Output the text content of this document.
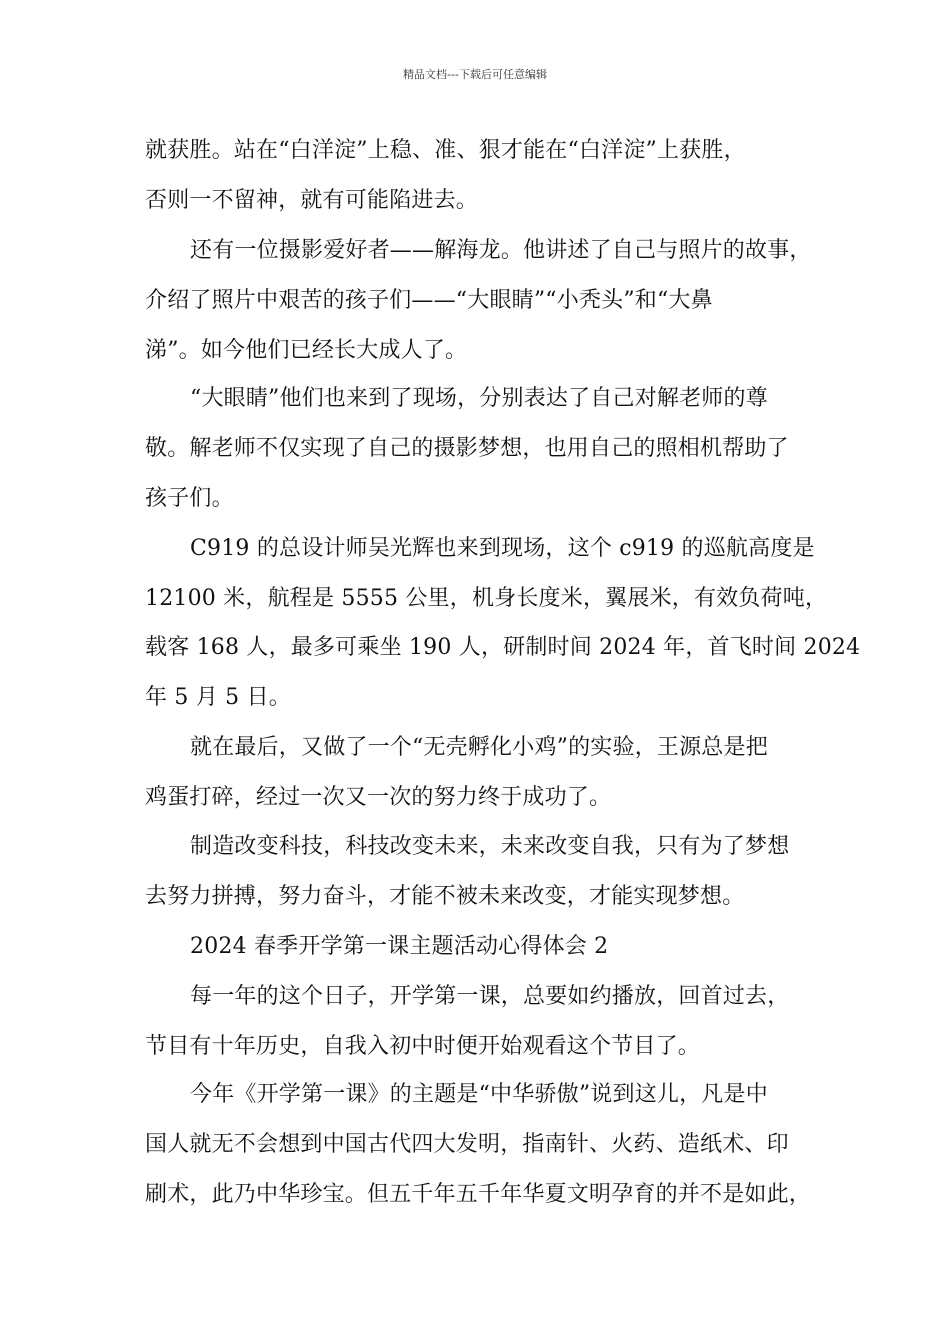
精品文档---下载后可任意编辑
就获胜。站在“白洋淀”上稳、准、狠才能在“白洋淀”上获胜，
否则一不留神，就有可能陷进去。
还有一位摄影爱好者——解海龙。他讲述了自己与照片的故事，
介绍了照片中艰苦的孩子们——“大眼睛”“小秃头”和“大鼻
涕”。如今他们已经长大成人了。
“大眼睛”他们也来到了现场，分别表达了自己对解老师的尊
敬。解老师不仅实现了自己的摄影梦想，也用自己的照相机帮助了
孩子们。
C919 的总设计师吴光辉也来到现场，这个 c919 的巡航高度是
12100 米，航程是 5555 公里，机身长度米，翼展米，有效负荷吨，
载客 168 人，最多可乘坐 190 人，研制时间 2024 年，首飞时间 2024
年 5 月 5 日。
就在最后，又做了一个“无壳孵化小鸡”的实验，王源总是把
鸡蛋打碎，经过一次又一次的努力终于成功了。
制造改变科技，科技改变未来，未来改变自我，只有为了梦想
去努力拼搏，努力奋斗，才能不被未来改变，才能实现梦想。
2024 春季开学第一课主题活动心得体会 2
每一年的这个日子，开学第一课，总要如约播放，回首过去，
节目有十年历史，自我入初中时便开始观看这个节目了。
今年《开学第一课》的主题是“中华骄傲”说到这儿，凡是中
国人就无不会想到中国古代四大发明，指南针、火药、造纸术、印
刷术，此乃中华珍宝。但五千年五千年华夏文明孕育的并不是如此，
